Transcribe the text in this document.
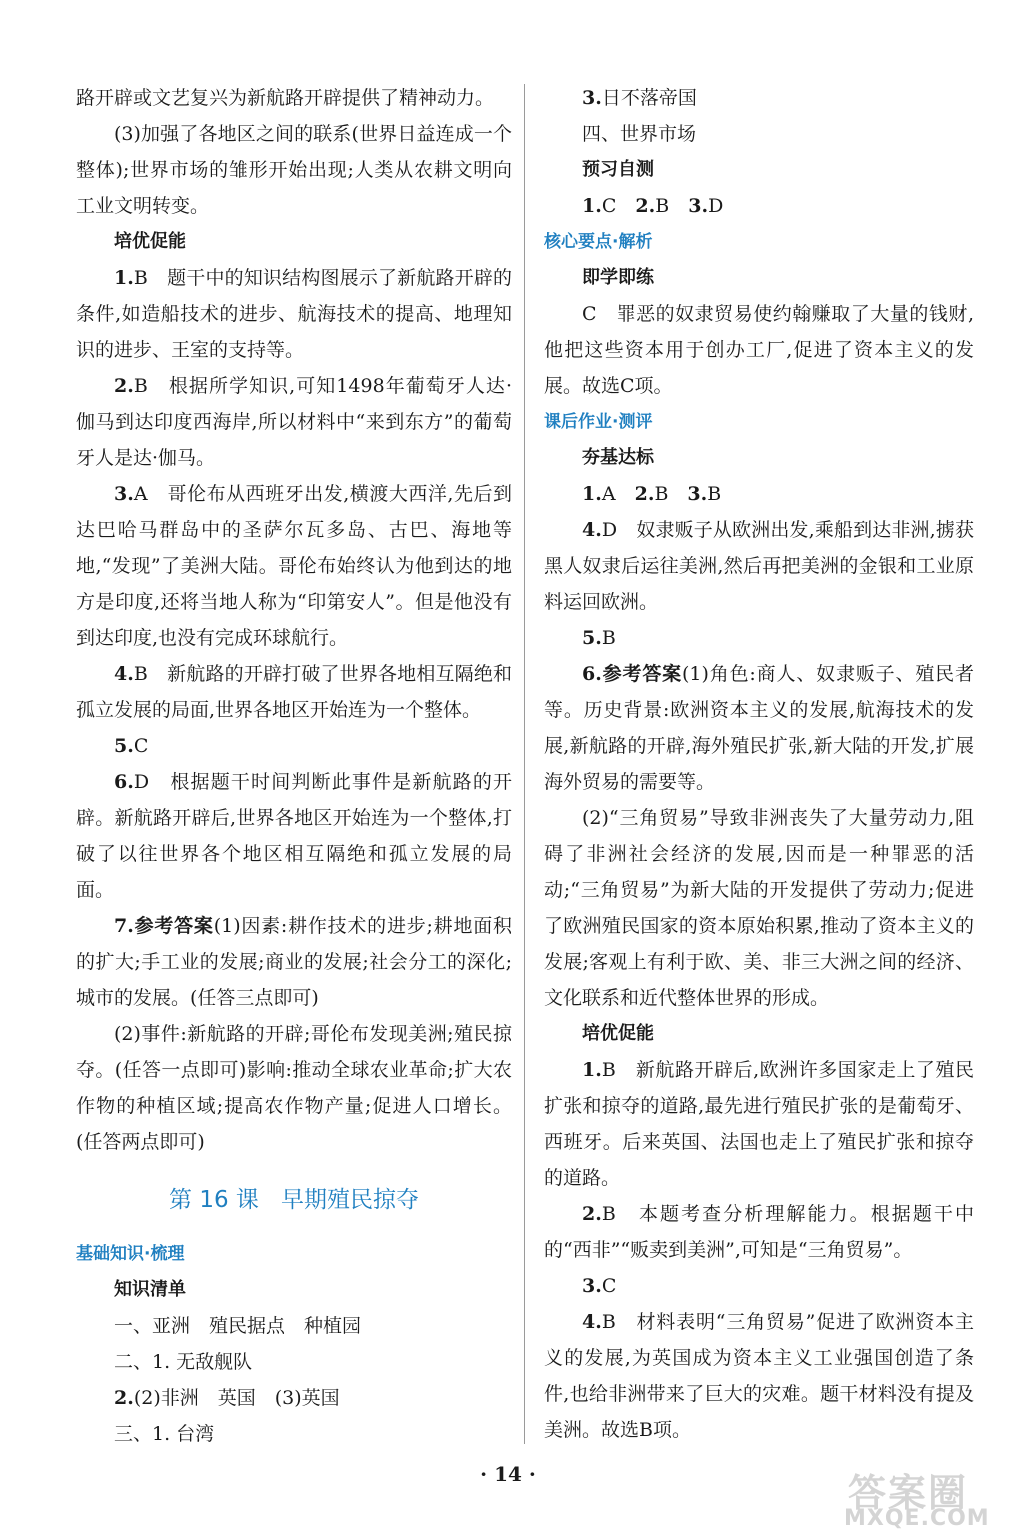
路开辟或文艺复兴为新航路开辟提供了精神动力。

(3)加强了各地区之间的联系(世界日益连成一个整体);世界市场的雏形开始出现;人类从农耕文明向工业文明转变。

培优促能

1.B　题干中的知识结构图展示了新航路开辟的条件,如造船技术的进步、航海技术的提高、地理知识的进步、王室的支持等。

2.B　根据所学知识,可知1498年葡萄牙人达·伽马到达印度西海岸,所以材料中“来到东方”的葡萄牙人是达·伽马。

3.A　哥伦布从西班牙出发,横渡大西洋,先后到达巴哈马群岛中的圣萨尔瓦多岛、古巴、海地等地,“发现”了美洲大陆。哥伦布始终认为他到达的地方是印度,还将当地人称为“印第安人”。但是他没有到达印度,也没有完成环球航行。

4.B　新航路的开辟打破了世界各地相互隔绝和孤立发展的局面,世界各地区开始连为一个整体。

5.C

6.D　根据题干时间判断此事件是新航路的开辟。新航路开辟后,世界各地区开始连为一个整体,打破了以往世界各个地区相互隔绝和孤立发展的局面。

7.参考答案(1)因素:耕作技术的进步;耕地面积的扩大;手工业的发展;商业的发展;社会分工的深化;城市的发展。(任答三点即可)

(2)事件:新航路的开辟;哥伦布发现美洲;殖民掠夺。(任答一点即可)影响:推动全球农业革命;扩大农作物的种植区域;提高农作物产量;促进人口增长。(任答两点即可)

第 16 课 早期殖民掠夺
基础知识·梳理
知识清单

一、亚洲　殖民据点　种植园

二、1. 无敌舰队

2.(2)非洲　英国　(3)英国

三、1. 台湾

3.日不落帝国

四、世界市场

预习自测

1.C　 2.B　 3.D

核心要点·解析
即学即练

C　罪恶的奴隶贸易使约翰赚取了大量的钱财,他把这些资本用于创办工厂,促进了资本主义的发展。故选C项。

课后作业·测评
夯基达标

1.A　 2.B　 3.B

4.D　奴隶贩子从欧洲出发,乘船到达非洲,掳获黑人奴隶后运往美洲,然后再把美洲的金银和工业原料运回欧洲。

5.B

6.参考答案(1)角色:商人、奴隶贩子、殖民者等。历史背景:欧洲资本主义的发展,航海技术的发展,新航路的开辟,海外殖民扩张,新大陆的开发,扩展海外贸易的需要等。

(2)“三角贸易”导致非洲丧失了大量劳动力,阻碍了非洲社会经济的发展,因而是一种罪恶的活动;“三角贸易”为新大陆的开发提供了劳动力;促进了欧洲殖民国家的资本原始积累,推动了资本主义的发展;客观上有利于欧、美、非三大洲之间的经济、文化联系和近代整体世界的形成。

培优促能

1.B　新航路开辟后,欧洲许多国家走上了殖民扩张和掠夺的道路,最先进行殖民扩张的是葡萄牙、西班牙。后来英国、法国也走上了殖民扩张和掠夺的道路。

2.B　本题考查分析理解能力。根据题干中的“西非”“贩卖到美洲”,可知是“三角贸易”。

3.C

4.B　材料表明“三角贸易”促进了欧洲资本主义的发展,为英国成为资本主义工业强国创造了条件,也给非洲带来了巨大的灾难。题干材料没有提及美洲。故选B项。

· 14 ·	答案圈
MXQE.COM
